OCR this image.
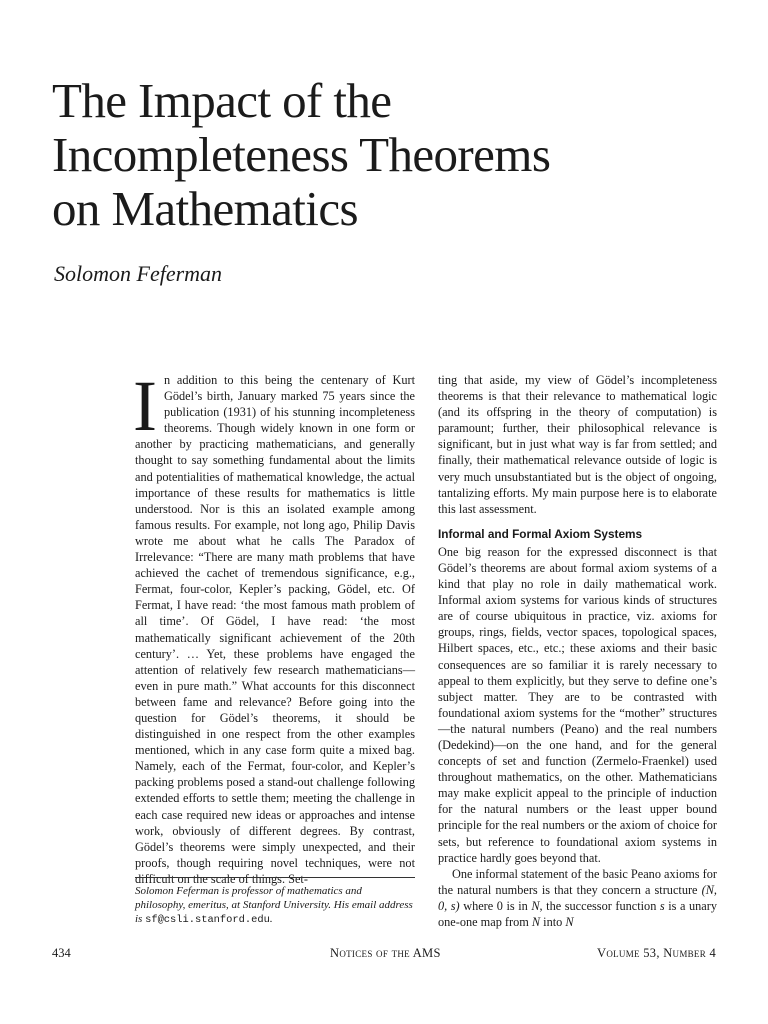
The Impact of the
Incompleteness Theorems
on Mathematics
Solomon Feferman

In addition to this being the centenary of Kurt Gödel’s birth, January marked 75 years since the publication (1931) of his stunning incompleteness theorems. Though widely known in one form or another by practicing mathematicians, and generally thought to say something fundamental about the limits and potentialities of mathematical knowledge, the actual importance of these results for mathematics is little understood. Nor is this an isolated example among famous results. For example, not long ago, Philip Davis wrote me about what he calls The Paradox of Irrelevance: “There are many math problems that have achieved the cachet of tremendous significance, e.g., Fermat, four-color, Kepler’s packing, Gödel, etc. Of Fermat, I have read: ‘the most famous math problem of all time’. Of Gödel, I have read: ‘the most mathematically significant achievement of the 20th century’. … Yet, these problems have engaged the attention of relatively few research mathematicians—even in pure math.” What accounts for this disconnect between fame and relevance? Before going into the question for Gödel’s theorems, it should be distinguished in one respect from the other examples mentioned, which in any case form quite a mixed bag. Namely, each of the Fermat, four-color, and Kepler’s packing problems posed a stand-out challenge following extended efforts to settle them; meeting the challenge in each case required new ideas or approaches and intense work, obviously of different degrees. By contrast, Gödel’s theorems were simply unexpected, and their proofs, though requiring novel techniques, were not difficult on the scale of things. Set-

ting that aside, my view of Gödel’s incompleteness theorems is that their relevance to mathematical logic (and its offspring in the theory of computation) is paramount; further, their philosophical relevance is significant, but in just what way is far from settled; and finally, their mathematical relevance outside of logic is very much unsubstantiated but is the object of ongoing, tantalizing efforts. My main purpose here is to elaborate this last assessment.

Informal and Formal Axiom Systems

One big reason for the expressed disconnect is that Gödel’s theorems are about formal axiom systems of a kind that play no role in daily mathematical work. Informal axiom systems for various kinds of structures are of course ubiquitous in practice, viz. axioms for groups, rings, fields, vector spaces, topological spaces, Hilbert spaces, etc., etc.; these axioms and their basic consequences are so familiar it is rarely necessary to appeal to them explicitly, but they serve to define one’s subject matter. They are to be contrasted with foundational axiom systems for the “mother” structures—the natural numbers (Peano) and the real numbers (Dedekind)—on the one hand, and for the general concepts of set and function (Zermelo-Fraenkel) used throughout mathematics, on the other. Mathematicians may make explicit appeal to the principle of induction for the natural numbers or the least upper bound principle for the real numbers or the axiom of choice for sets, but reference to foundational axiom systems in practice hardly goes beyond that.

One informal statement of the basic Peano axioms for the natural numbers is that they concern a structure (N, 0, s) where 0 is in N, the successor function s is a unary one-one map from N into N

Solomon Feferman is professor of mathematics and philosophy, emeritus, at Stanford University. His email address is sf@csli.stanford.edu.
434	Notices of the AMS	Volume 53, Number 4
